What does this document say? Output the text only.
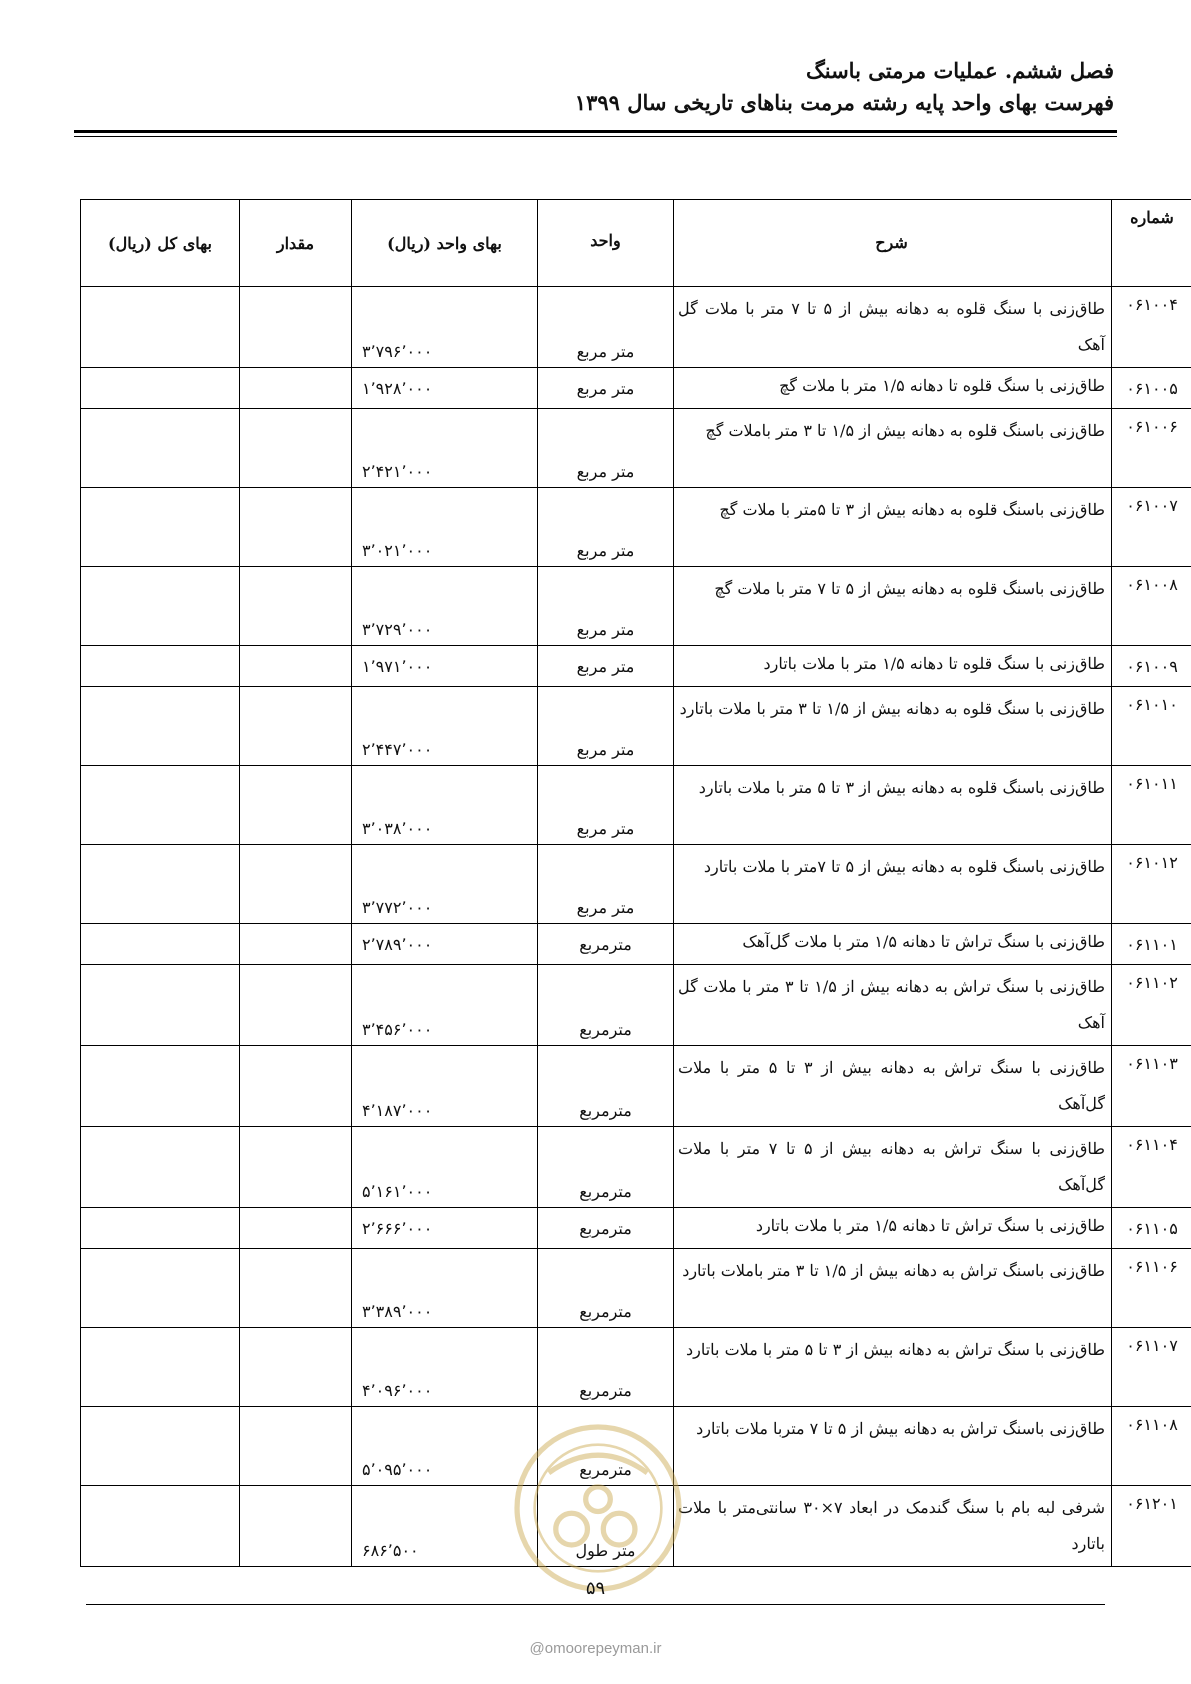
فصل ششم. عملیات مرمتی باسنگ
فهرست بهای واحد پایه رشته مرمت بناهای تاریخی سال ۱۳۹۹
شماره	شرح	واحد	بهای واحد (ریال)	مقدار	بهای کل (ریال)
۰۶۱۰۰۴	طاق‌زنی با سنگ قلوه به دهانه بیش از ۵ تا ۷ متر با ملات گل آهک	متر مربع	۳٬۷۹۶٬۰۰۰		
۰۶۱۰۰۵	طاق‌زنی با سنگ قلوه تا دهانه ۱/۵ متر با ملات گچ	متر مربع	۱٬۹۲۸٬۰۰۰		
۰۶۱۰۰۶	طاق‌زنی باسنگ قلوه به دهانه بیش از ۱/۵ تا ۳ متر باملات گچ	متر مربع	۲٬۴۲۱٬۰۰۰		
۰۶۱۰۰۷	طاق‌زنی باسنگ قلوه به دهانه بیش از ۳ تا ۵متر با ملات گچ	متر مربع	۳٬۰۲۱٬۰۰۰		
۰۶۱۰۰۸	طاق‌زنی باسنگ قلوه به دهانه بیش از ۵ تا ۷ متر با ملات گچ	متر مربع	۳٬۷۲۹٬۰۰۰		
۰۶۱۰۰۹	طاق‌زنی با سنگ قلوه تا دهانه ۱/۵ متر با ملات باتارد	متر مربع	۱٬۹۷۱٬۰۰۰		
۰۶۱۰۱۰	طاق‌زنی با سنگ قلوه به دهانه بیش از ۱/۵ تا ۳ متر با ملات باتارد	متر مربع	۲٬۴۴۷٬۰۰۰		
۰۶۱۰۱۱	طاق‌زنی باسنگ قلوه به دهانه بیش از ۳ تا ۵ متر با ملات باتارد	متر مربع	۳٬۰۳۸٬۰۰۰		
۰۶۱۰۱۲	طاق‌زنی باسنگ قلوه به دهانه بیش از ۵ تا ۷متر با ملات باتارد	متر مربع	۳٬۷۷۲٬۰۰۰		
۰۶۱۱۰۱	طاق‌زنی با سنگ تراش تا دهانه ۱/۵ متر با ملات گل‌آهک	مترمربع	۲٬۷۸۹٬۰۰۰		
۰۶۱۱۰۲	طاق‌زنی با سنگ تراش به دهانه بیش از ۱/۵ تا ۳ متر با ملات گل آهک	مترمربع	۳٬۴۵۶٬۰۰۰		
۰۶۱۱۰۳	طاق‌زنی با سنگ تراش به دهانه بیش از ۳ تا ۵ متر با ملات گل‌آهک	مترمربع	۴٬۱۸۷٬۰۰۰		
۰۶۱۱۰۴	طاق‌زنی با سنگ تراش به دهانه بیش از ۵ تا ۷ متر با ملات گل‌آهک	مترمربع	۵٬۱۶۱٬۰۰۰		
۰۶۱۱۰۵	طاق‌زنی با سنگ تراش تا دهانه ۱/۵ متر با ملات باتارد	مترمربع	۲٬۶۶۶٬۰۰۰		
۰۶۱۱۰۶	طاق‌زنی باسنگ تراش به دهانه بیش از ۱/۵ تا ۳ متر باملات باتارد	مترمربع	۳٬۳۸۹٬۰۰۰		
۰۶۱۱۰۷	طاق‌زنی با سنگ تراش به دهانه بیش از ۳ تا ۵ متر با ملات باتارد	مترمربع	۴٬۰۹۶٬۰۰۰		
۰۶۱۱۰۸	طاق‌زنی باسنگ تراش به دهانه بیش از ۵ تا ۷ متربا ملات باتارد	مترمربع	۵٬۰۹۵٬۰۰۰		
۰۶۱۲۰۱	شرفی لبه بام با سنگ گندمک در ابعاد ۷×۳۰ سانتی‌متر با ملات باتارد	متر طول	۶۸۶٬۵۰۰		
۵۹
@omoorepeyman.ir
